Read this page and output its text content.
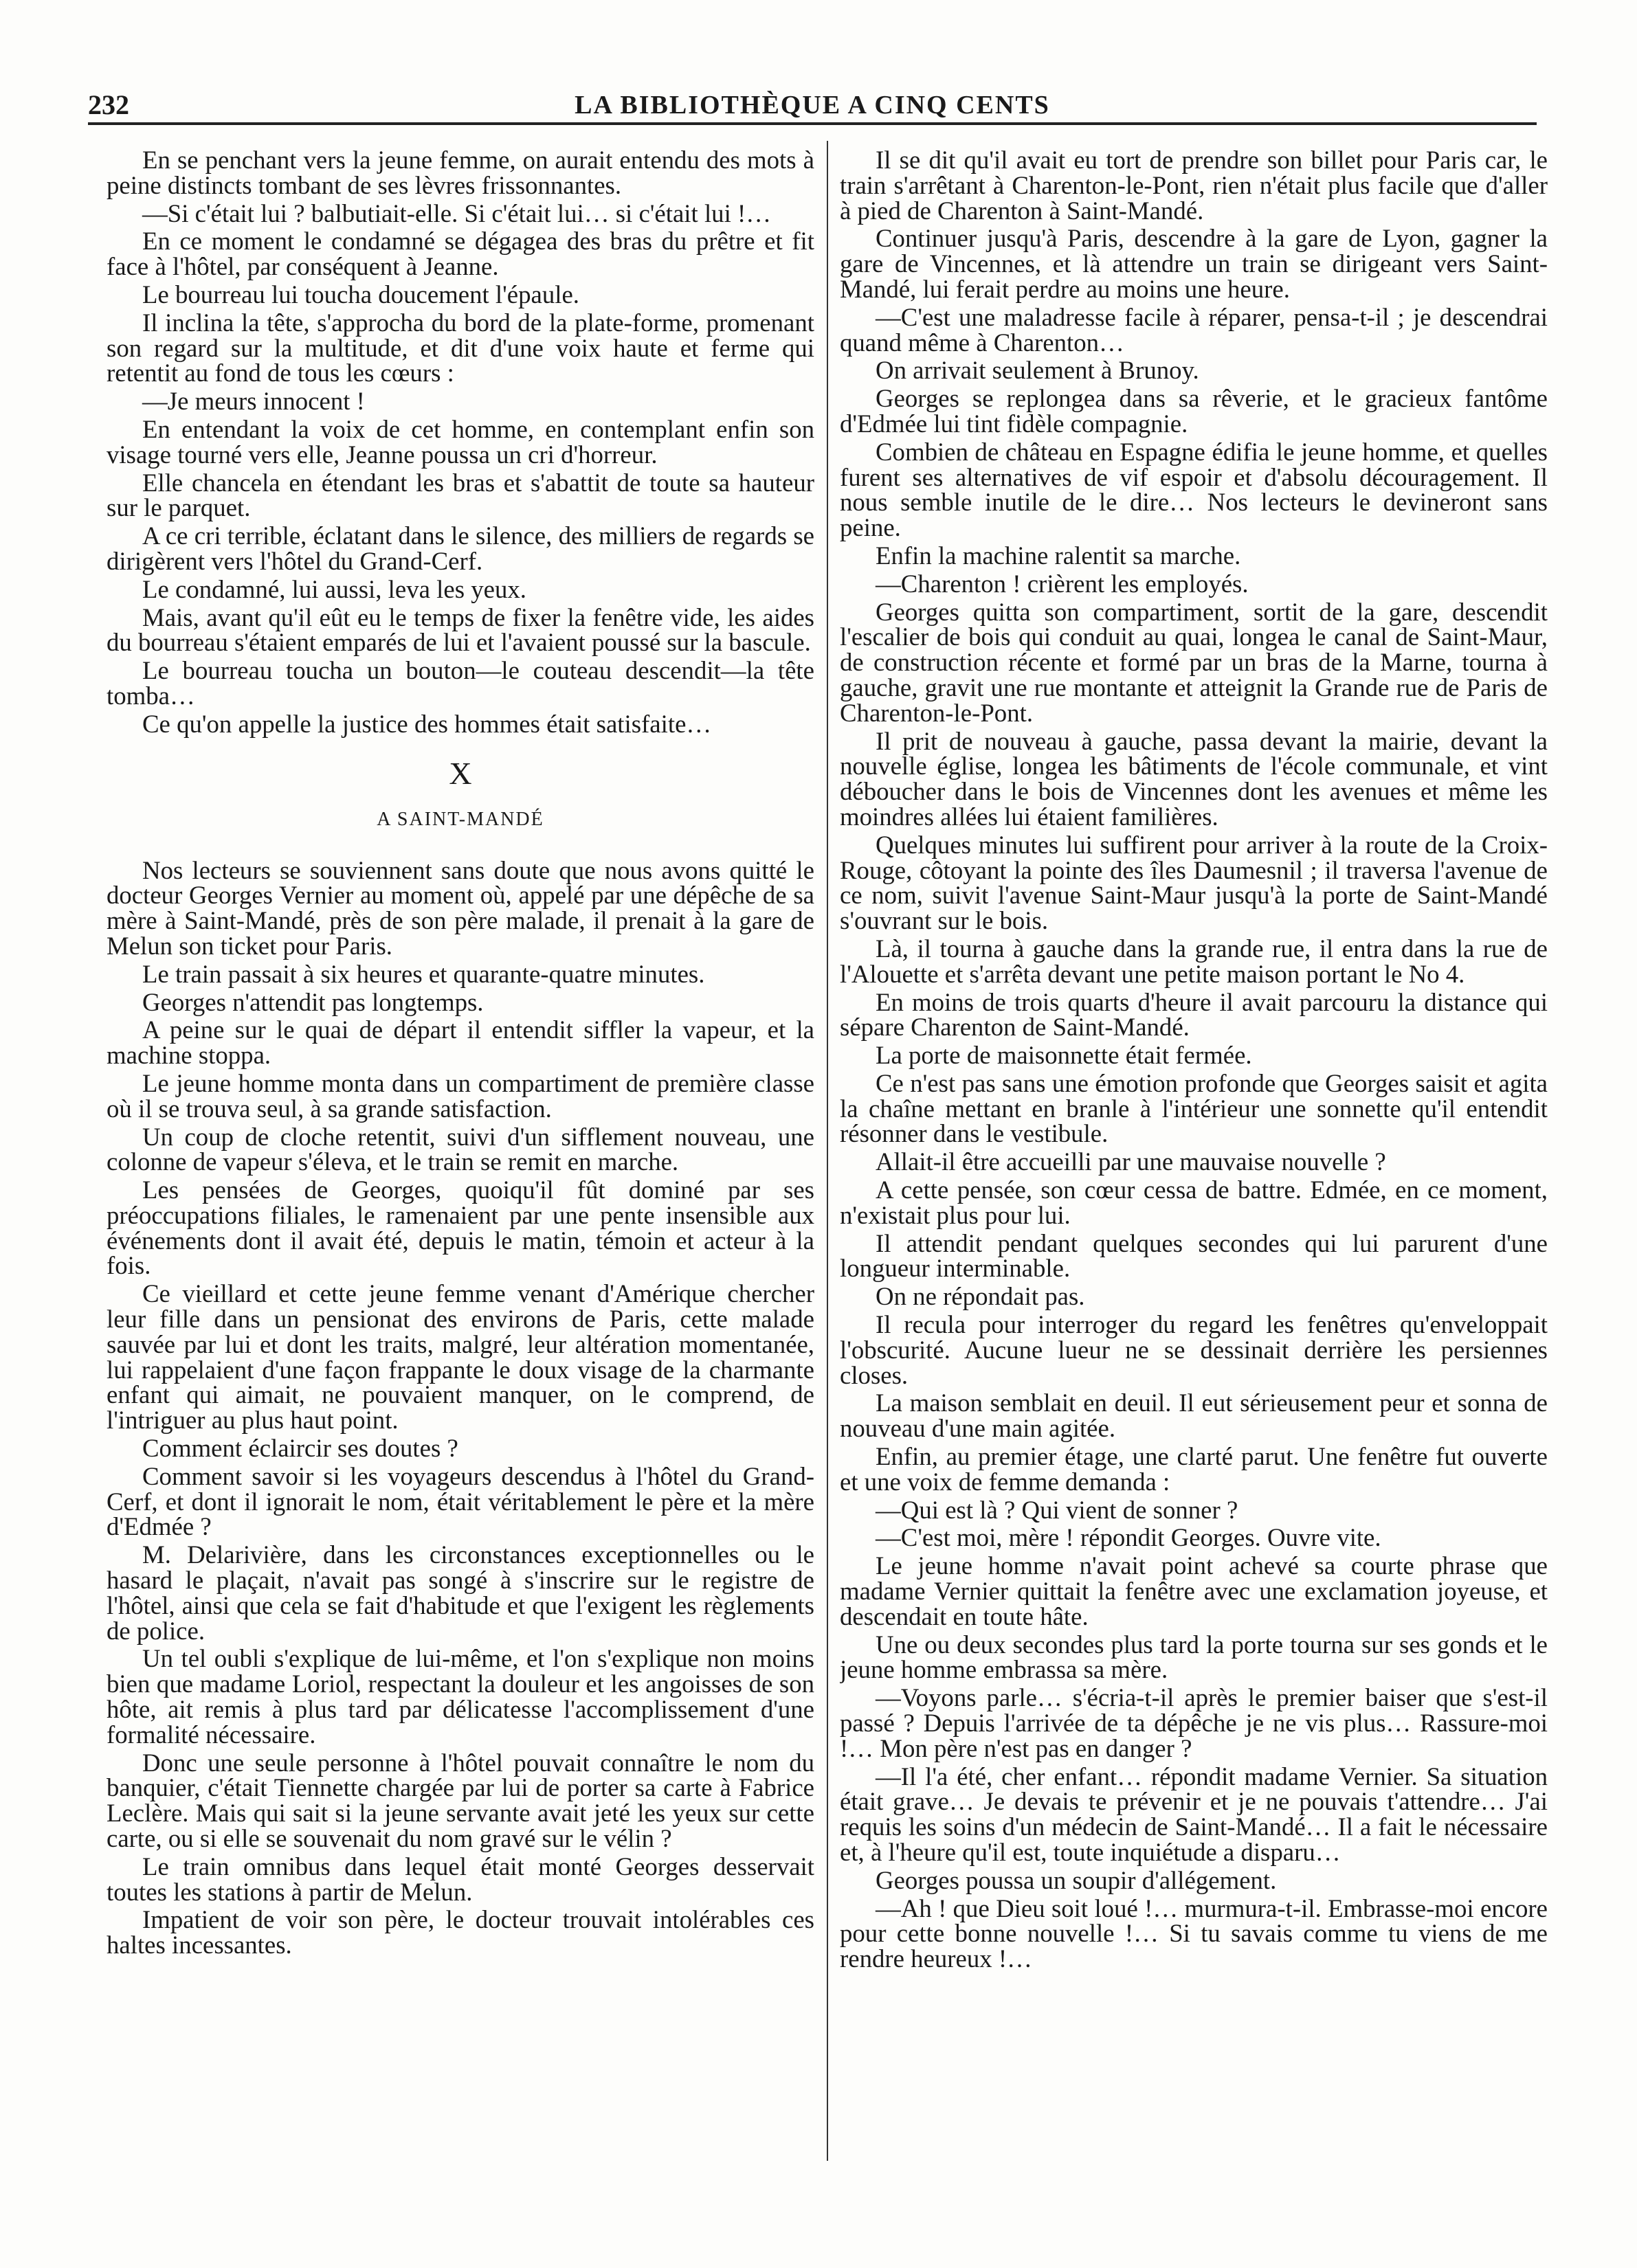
232	LA BIBLIOTHÈQUE A CINQ CENTS

En se penchant vers la jeune femme, on aurait entendu des mots à peine distincts tombant de ses lèvres frissonnantes.

—Si c'était lui ? balbutiait-elle. Si c'était lui… si c'était lui !…

En ce moment le condamné se dégagea des bras du prêtre et fit face à l'hôtel, par conséquent à Jeanne.

Le bourreau lui toucha doucement l'épaule.

Il inclina la tête, s'approcha du bord de la plate-forme, promenant son regard sur la multitude, et dit d'une voix haute et ferme qui retentit au fond de tous les cœurs :

—Je meurs innocent !

En entendant la voix de cet homme, en contemplant enfin son visage tourné vers elle, Jeanne poussa un cri d'horreur.

Elle chancela en étendant les bras et s'abattit de toute sa hauteur sur le parquet.

A ce cri terrible, éclatant dans le silence, des milliers de regards se dirigèrent vers l'hôtel du Grand-Cerf.

Le condamné, lui aussi, leva les yeux.

Mais, avant qu'il eût eu le temps de fixer la fenêtre vide, les aides du bourreau s'étaient emparés de lui et l'avaient poussé sur la bascule.

Le bourreau toucha un bouton—le couteau descendit—la tête tomba…

Ce qu'on appelle la justice des hommes était satisfaite…

X
A SAINT-MANDÉ

Nos lecteurs se souviennent sans doute que nous avons quitté le docteur Georges Vernier au moment où, appelé par une dépêche de sa mère à Saint-Mandé, près de son père malade, il prenait à la gare de Melun son ticket pour Paris.

Le train passait à six heures et quarante-quatre minutes.

Georges n'attendit pas longtemps.

A peine sur le quai de départ il entendit siffler la vapeur, et la machine stoppa.

Le jeune homme monta dans un compartiment de première classe où il se trouva seul, à sa grande satisfaction.

Un coup de cloche retentit, suivi d'un sifflement nouveau, une colonne de vapeur s'éleva, et le train se remit en marche.

Les pensées de Georges, quoiqu'il fût dominé par ses préoccupations filiales, le ramenaient par une pente insensible aux événements dont il avait été, depuis le matin, témoin et acteur à la fois.

Ce vieillard et cette jeune femme venant d'Amérique chercher leur fille dans un pensionat des environs de Paris, cette malade sauvée par lui et dont les traits, malgré, leur altération momentanée, lui rappelaient d'une façon frappante le doux visage de la charmante enfant qui aimait, ne pouvaient manquer, on le comprend, de l'intriguer au plus haut point.

Comment éclaircir ses doutes ?

Comment savoir si les voyageurs descendus à l'hôtel du Grand-Cerf, et dont il ignorait le nom, était véritablement le père et la mère d'Edmée ?

M. Delarivière, dans les circonstances exceptionnelles ou le hasard le plaçait, n'avait pas songé à s'inscrire sur le registre de l'hôtel, ainsi que cela se fait d'habitude et que l'exigent les règlements de police.

Un tel oubli s'explique de lui-même, et l'on s'explique non moins bien que madame Loriol, respectant la douleur et les angoisses de son hôte, ait remis à plus tard par délicatesse l'accomplissement d'une formalité nécessaire.

Donc une seule personne à l'hôtel pouvait connaître le nom du banquier, c'était Tiennette chargée par lui de porter sa carte à Fabrice Leclère. Mais qui sait si la jeune servante avait jeté les yeux sur cette carte, ou si elle se souvenait du nom gravé sur le vélin ?

Le train omnibus dans lequel était monté Georges desservait toutes les stations à partir de Melun.

Impatient de voir son père, le docteur trouvait intolérables ces haltes incessantes.

Il se dit qu'il avait eu tort de prendre son billet pour Paris car, le train s'arrêtant à Charenton-le-Pont, rien n'était plus facile que d'aller à pied de Charenton à Saint-Mandé.

Continuer jusqu'à Paris, descendre à la gare de Lyon, gagner la gare de Vincennes, et là attendre un train se dirigeant vers Saint-Mandé, lui ferait perdre au moins une heure.

—C'est une maladresse facile à réparer, pensa-t-il ; je descendrai quand même à Charenton…

On arrivait seulement à Brunoy.

Georges se replongea dans sa rêverie, et le gracieux fantôme d'Edmée lui tint fidèle compagnie.

Combien de château en Espagne édifia le jeune homme, et quelles furent ses alternatives de vif espoir et d'absolu découragement. Il nous semble inutile de le dire… Nos lecteurs le devineront sans peine.

Enfin la machine ralentit sa marche.

—Charenton ! crièrent les employés.

Georges quitta son compartiment, sortit de la gare, descendit l'escalier de bois qui conduit au quai, longea le canal de Saint-Maur, de construction récente et formé par un bras de la Marne, tourna à gauche, gravit une rue montante et atteignit la Grande rue de Paris de Charenton-le-Pont.

Il prit de nouveau à gauche, passa devant la mairie, devant la nouvelle église, longea les bâtiments de l'école communale, et vint déboucher dans le bois de Vincennes dont les avenues et même les moindres allées lui étaient familières.

Quelques minutes lui suffirent pour arriver à la route de la Croix-Rouge, côtoyant la pointe des îles Daumesnil ; il traversa l'avenue de ce nom, suivit l'avenue Saint-Maur jusqu'à la porte de Saint-Mandé s'ouvrant sur le bois.

Là, il tourna à gauche dans la grande rue, il entra dans la rue de l'Alouette et s'arrêta devant une petite maison portant le No 4.

En moins de trois quarts d'heure il avait parcouru la distance qui sépare Charenton de Saint-Mandé.

La porte de maisonnette était fermée.

Ce n'est pas sans une émotion profonde que Georges saisit et agita la chaîne mettant en branle à l'intérieur une sonnette qu'il entendit résonner dans le vestibule.

Allait-il être accueilli par une mauvaise nouvelle ?

A cette pensée, son cœur cessa de battre. Edmée, en ce moment, n'existait plus pour lui.

Il attendit pendant quelques secondes qui lui parurent d'une longueur interminable.

On ne répondait pas.

Il recula pour interroger du regard les fenêtres qu'enveloppait l'obscurité. Aucune lueur ne se dessinait derrière les persiennes closes.

La maison semblait en deuil. Il eut sérieusement peur et sonna de nouveau d'une main agitée.

Enfin, au premier étage, une clarté parut. Une fenêtre fut ouverte et une voix de femme demanda :

—Qui est là ? Qui vient de sonner ?

—C'est moi, mère ! répondit Georges. Ouvre vite.

Le jeune homme n'avait point achevé sa courte phrase que madame Vernier quittait la fenêtre avec une exclamation joyeuse, et descendait en toute hâte.

Une ou deux secondes plus tard la porte tourna sur ses gonds et le jeune homme embrassa sa mère.

—Voyons parle… s'écria-t-il après le premier baiser que s'est-il passé ? Depuis l'arrivée de ta dépêche je ne vis plus… Rassure-moi !… Mon père n'est pas en danger ?

—Il l'a été, cher enfant… répondit madame Vernier. Sa situation était grave… Je devais te prévenir et je ne pouvais t'attendre… J'ai requis les soins d'un médecin de Saint-Mandé… Il a fait le nécessaire et, à l'heure qu'il est, toute inquiétude a disparu…

Georges poussa un soupir d'allégement.

—Ah ! que Dieu soit loué !… murmura-t-il. Embrasse-moi encore pour cette bonne nouvelle !… Si tu savais comme tu viens de me rendre heureux !…
